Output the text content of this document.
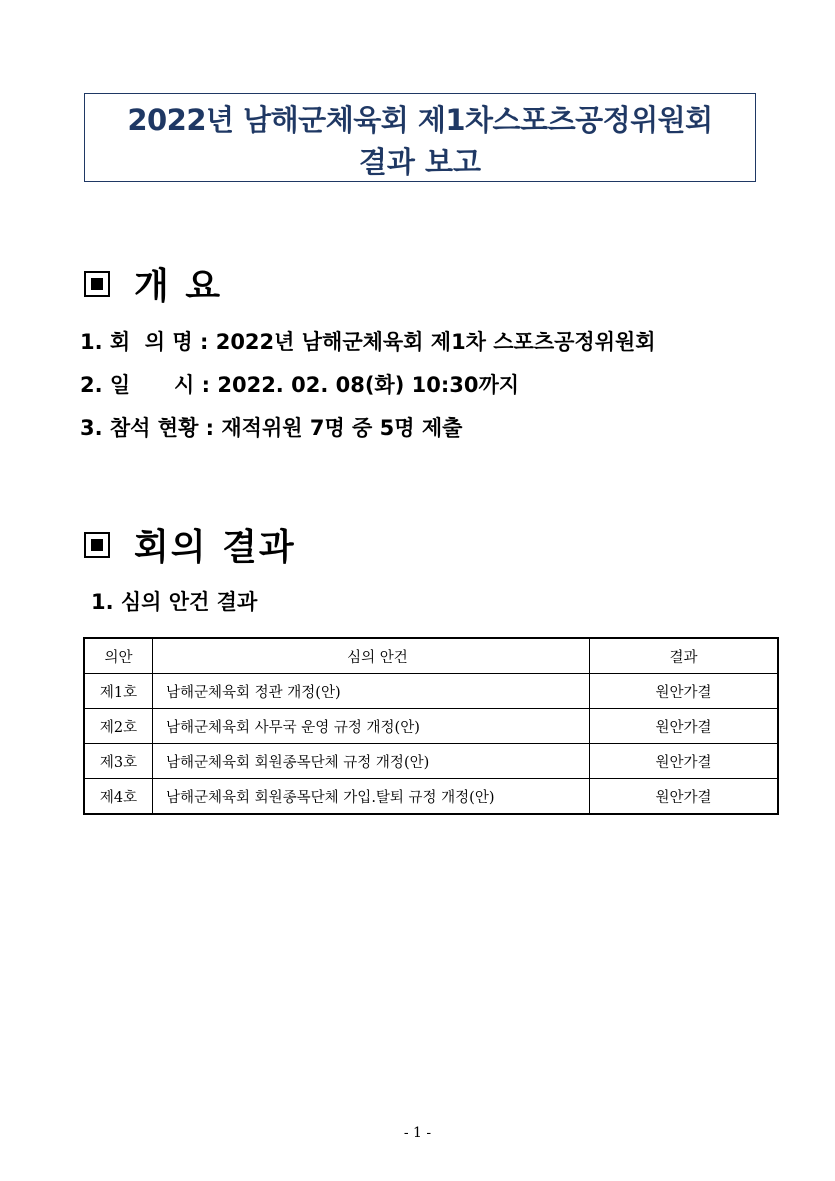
2022년 남해군체육회 제1차스포츠공정위원회
결과 보고
개 요
1. 회  의 명 : 2022년 남해군체육회 제1차 스포츠공정위원회
2. 일      시 : 2022. 02. 08(화) 10:30까지
3. 참석 현황 : 재적위원 7명 중 5명 제출
회의 결과
1. 심의 안건 결과
의안	심의 안건	결과
제1호	남해군체육회 정관 개정(안)	원안가결
제2호	남해군체육회 사무국 운영 규정 개정(안)	원안가결
제3호	남해군체육회 회원종목단체 규정 개정(안)	원안가결
제4호	남해군체육회 회원종목단체 가입.탈퇴 규정 개정(안)	원안가결
- 1 -
